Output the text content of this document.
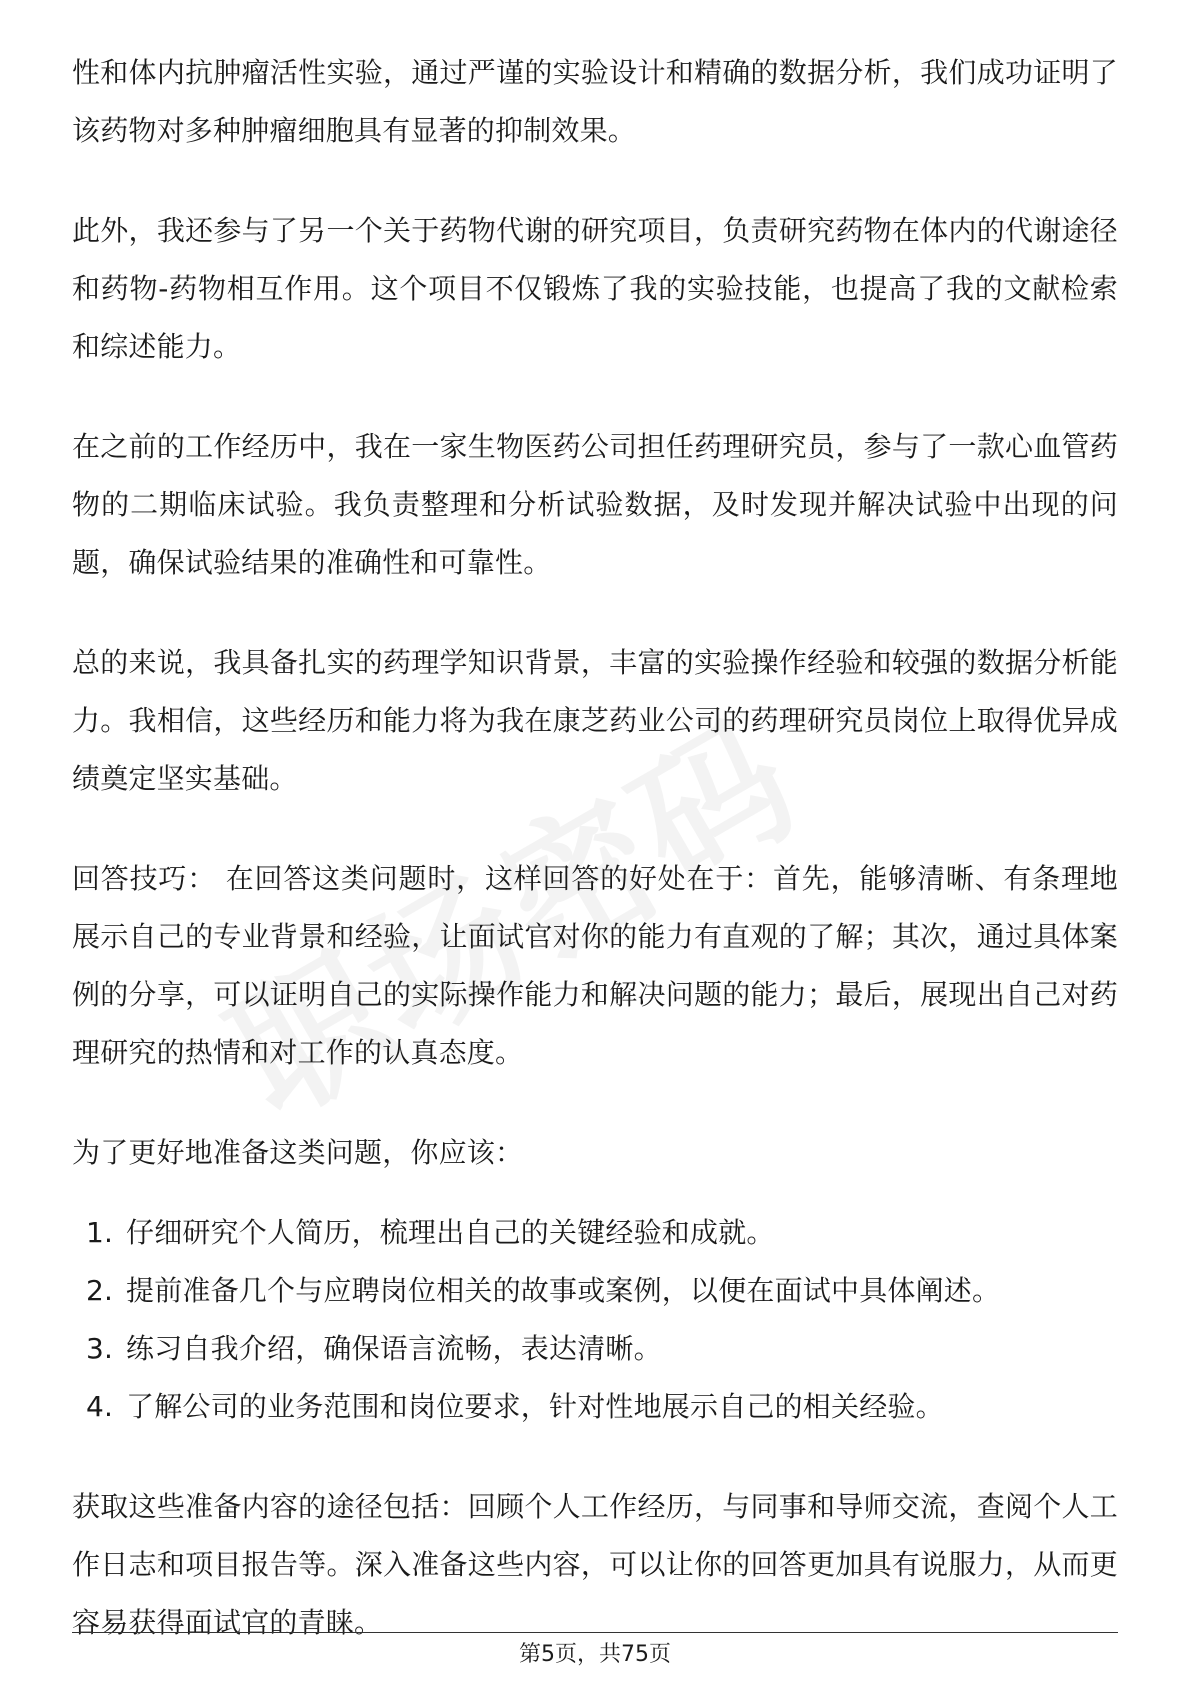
性和体内抗肿瘤活性实验，通过严谨的实验设计和精确的数据分析，我们成功证明了该药物对多种肿瘤细胞具有显著的抑制效果。

此外，我还参与了另一个关于药物代谢的研究项目，负责研究药物在体内的代谢途径和药物-药物相互作用。这个项目不仅锻炼了我的实验技能，也提高了我的文献检索和综述能力。

在之前的工作经历中，我在一家生物医药公司担任药理研究员，参与了一款心血管药物的二期临床试验。我负责整理和分析试验数据，及时发现并解决试验中出现的问题，确保试验结果的准确性和可靠性。

总的来说，我具备扎实的药理学知识背景，丰富的实验操作经验和较强的数据分析能力。我相信，这些经历和能力将为我在康芝药业公司的药理研究员岗位上取得优异成绩奠定坚实基础。

回答技巧： 在回答这类问题时，这样回答的好处在于：首先，能够清晰、有条理地展示自己的专业背景和经验，让面试官对你的能力有直观的了解；其次，通过具体案例的分享，可以证明自己的实际操作能力和解决问题的能力；最后，展现出自己对药理研究的热情和对工作的认真态度。

为了更好地准备这类问题，你应该：

1. 仔细研究个人简历，梳理出自己的关键经验和成就。
2. 提前准备几个与应聘岗位相关的故事或案例，以便在面试中具体阐述。
3. 练习自我介绍，确保语言流畅，表达清晰。
4. 了解公司的业务范围和岗位要求，针对性地展示自己的相关经验。

获取这些准备内容的途径包括：回顾个人工作经历，与同事和导师交流，查阅个人工作日志和项目报告等。深入准备这些内容，可以让你的回答更加具有说服力，从而更容易获得面试官的青睐。

第5页，共75页
